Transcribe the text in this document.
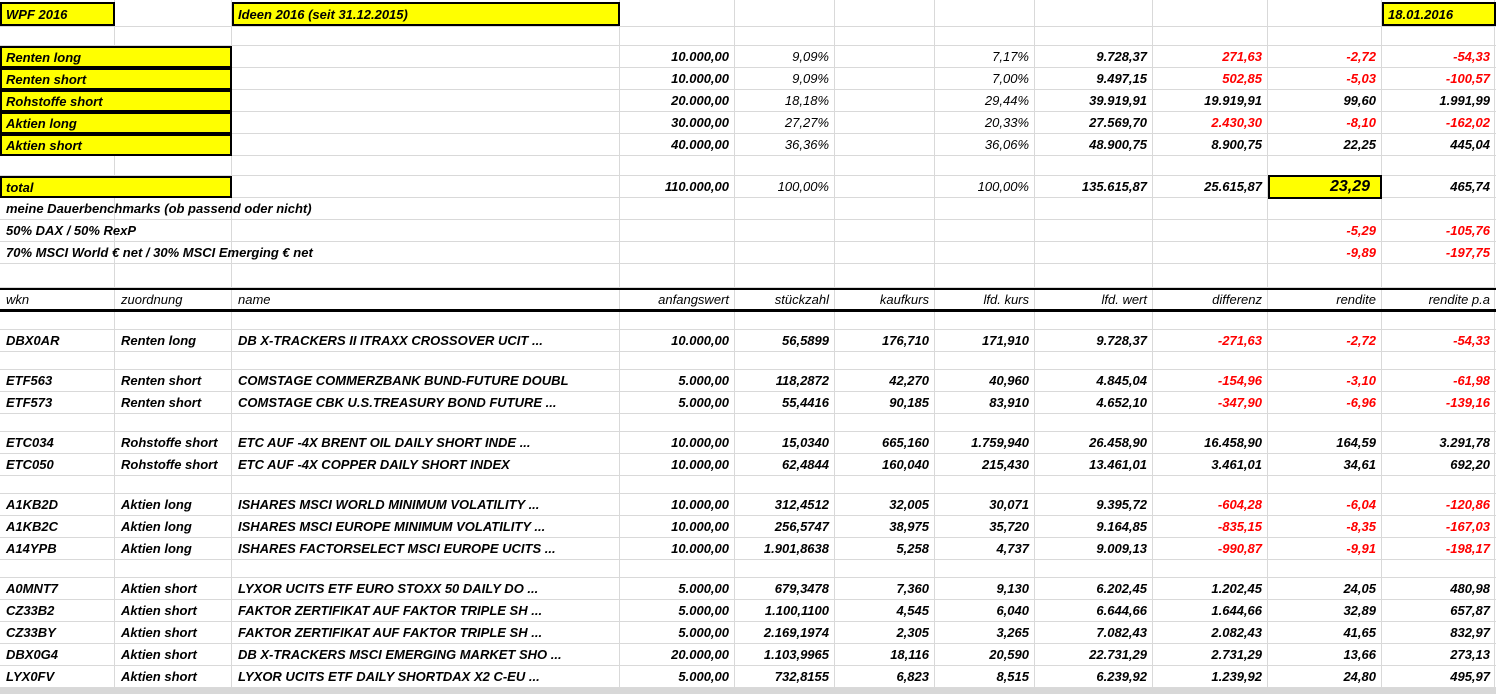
WPF 2016	Ideen 2016 (seit 31.12.2015)	18.01.2016
Renten long	10.000,00	9,09%	7,17%	9.728,37	271,63	-2,72	-54,33
Renten short	10.000,00	9,09%	7,00%	9.497,15	502,85	-5,03	-100,57
Rohstoffe short	20.000,00	18,18%	29,44%	39.919,91	19.919,91	99,60	1.991,99
Aktien long	30.000,00	27,27%	20,33%	27.569,70	2.430,30	-8,10	-162,02
Aktien short	40.000,00	36,36%	36,06%	48.900,75	8.900,75	22,25	445,04
total	110.000,00	100,00%	100,00%	135.615,87	25.615,87	23,29	465,74
meine Dauerbenchmarks (ob passend oder nicht)
50% DAX / 50% RexP	-5,29	-105,76
70% MSCI World € net / 30% MSCI Emerging € net	-9,89	-197,75
wkn	zuordnung	name	anfangswert	stückzahl	kaufkurs	lfd. kurs	lfd. wert	differenz	rendite	rendite p.a
DBX0AR	Renten long	DB X-TRACKERS II ITRAXX CROSSOVER UCIT ...	10.000,00	56,5899	176,710	171,910	9.728,37	-271,63	-2,72	-54,33
ETF563	Renten short	COMSTAGE COMMERZBANK BUND-FUTURE DOUBL	5.000,00	118,2872	42,270	40,960	4.845,04	-154,96	-3,10	-61,98
ETF573	Renten short	COMSTAGE CBK U.S.TREASURY BOND FUTURE ...	5.000,00	55,4416	90,185	83,910	4.652,10	-347,90	-6,96	-139,16
ETC034	Rohstoffe short	ETC AUF -4X BRENT OIL DAILY SHORT INDE ...	10.000,00	15,0340	665,160	1.759,940	26.458,90	16.458,90	164,59	3.291,78
ETC050	Rohstoffe short	ETC AUF -4X COPPER DAILY SHORT INDEX	10.000,00	62,4844	160,040	215,430	13.461,01	3.461,01	34,61	692,20
A1KB2D	Aktien long	ISHARES MSCI WORLD MINIMUM VOLATILITY ...	10.000,00	312,4512	32,005	30,071	9.395,72	-604,28	-6,04	-120,86
A1KB2C	Aktien long	ISHARES MSCI EUROPE MINIMUM VOLATILITY ...	10.000,00	256,5747	38,975	35,720	9.164,85	-835,15	-8,35	-167,03
A14YPB	Aktien long	ISHARES FACTORSELECT MSCI EUROPE UCITS ...	10.000,00	1.901,8638	5,258	4,737	9.009,13	-990,87	-9,91	-198,17
A0MNT7	Aktien short	LYXOR UCITS ETF EURO STOXX 50 DAILY DO ...	5.000,00	679,3478	7,360	9,130	6.202,45	1.202,45	24,05	480,98
CZ33B2	Aktien short	FAKTOR ZERTIFIKAT AUF FAKTOR TRIPLE SH ...	5.000,00	1.100,1100	4,545	6,040	6.644,66	1.644,66	32,89	657,87
CZ33BY	Aktien short	FAKTOR ZERTIFIKAT AUF FAKTOR TRIPLE SH ...	5.000,00	2.169,1974	2,305	3,265	7.082,43	2.082,43	41,65	832,97
DBX0G4	Aktien short	DB X-TRACKERS MSCI EMERGING MARKET SHO ...	20.000,00	1.103,9965	18,116	20,590	22.731,29	2.731,29	13,66	273,13
LYX0FV	Aktien short	LYXOR UCITS ETF DAILY SHORTDAX X2 C-EU ...	5.000,00	732,8155	6,823	8,515	6.239,92	1.239,92	24,80	495,97
